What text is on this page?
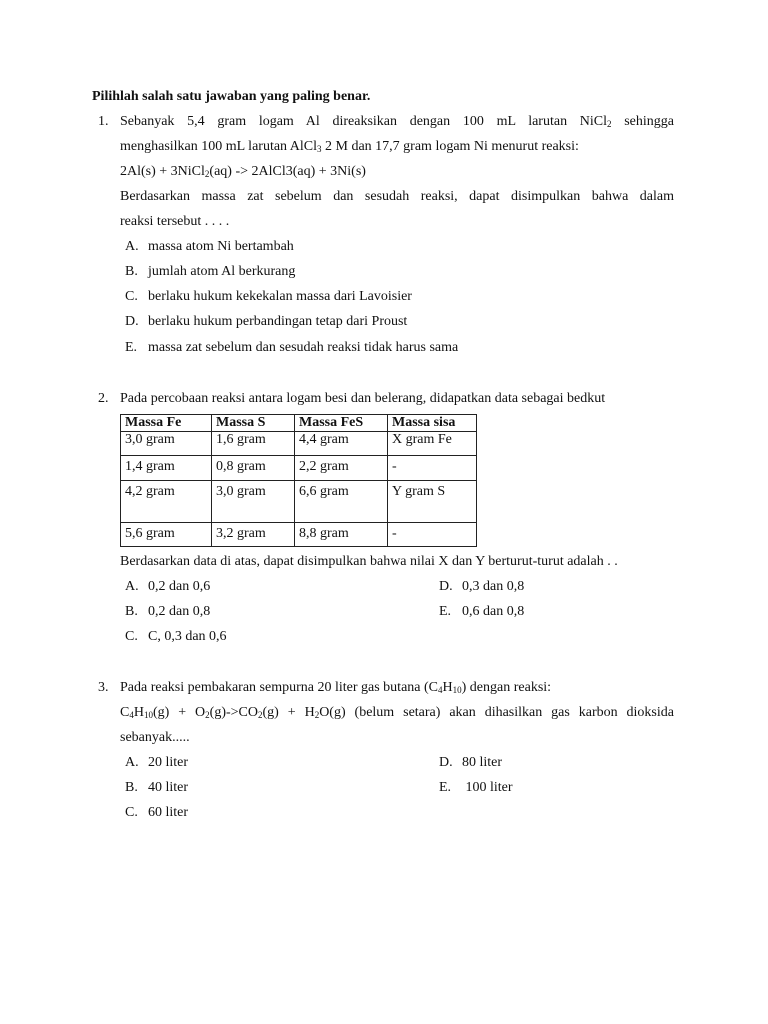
Pilihlah salah satu jawaban yang paling benar.
1. Sebanyak 5,4 gram logam Al direaksikan dengan 100 mL larutan NiCl$_2$ sehingga
menghasilkan 100 mL larutan AlCl$_3$ 2 M dan 17,7 gram logam Ni menurut reaksi:
2Al(s) + 3NiCl$_2$(aq) -> 2AlCl3(aq) + 3Ni(s)
Berdasarkan massa zat sebelum dan sesudah reaksi, dapat disimpulkan bahwa dalam
reaksi tersebut . . . .
A. massa atom Ni bertambah
B. jumlah atom Al berkurang
C. berlaku hukum kekekalan massa dari Lavoisier
D. berlaku hukum perbandingan tetap dari Proust
E. massa zat sebelum dan sesudah reaksi tidak harus sama
2. Pada percobaan reaksi antara logam besi dan belerang, didapatkan data sebagai bedkut
Massa Fe	Massa S	Massa FeS	Massa sisa
3,0 gram	1,6 gram	4,4 gram	X gram Fe
1,4 gram	0,8 gram	2,2 gram	-
4,2 gram	3,0 gram	6,6 gram	Y gram S
5,6 gram	3,2 gram	8,8 gram	-
Berdasarkan data di atas, dapat disimpulkan bahwa nilai X dan Y berturut-turut adalah . .
A. 0,2 dan 0,6	D. 0,3 dan 0,8
B. 0,2 dan 0,8	E. 0,6 dan 0,8
C. C, 0,3 dan 0,6
3. Pada reaksi pembakaran sempurna 20 liter gas butana $(C_4H_{10})$ dengan reaksi:
$C_4H_{10}(g) + O_2(g)->CO_2(g) + H_2O(g)$ (belum setara) akan dihasilkan gas karbon dioksida
sebanyak.....
A. 20 liter	D. 80 liter
B. 40 liter	E. 100 liter
C. 60 liter
